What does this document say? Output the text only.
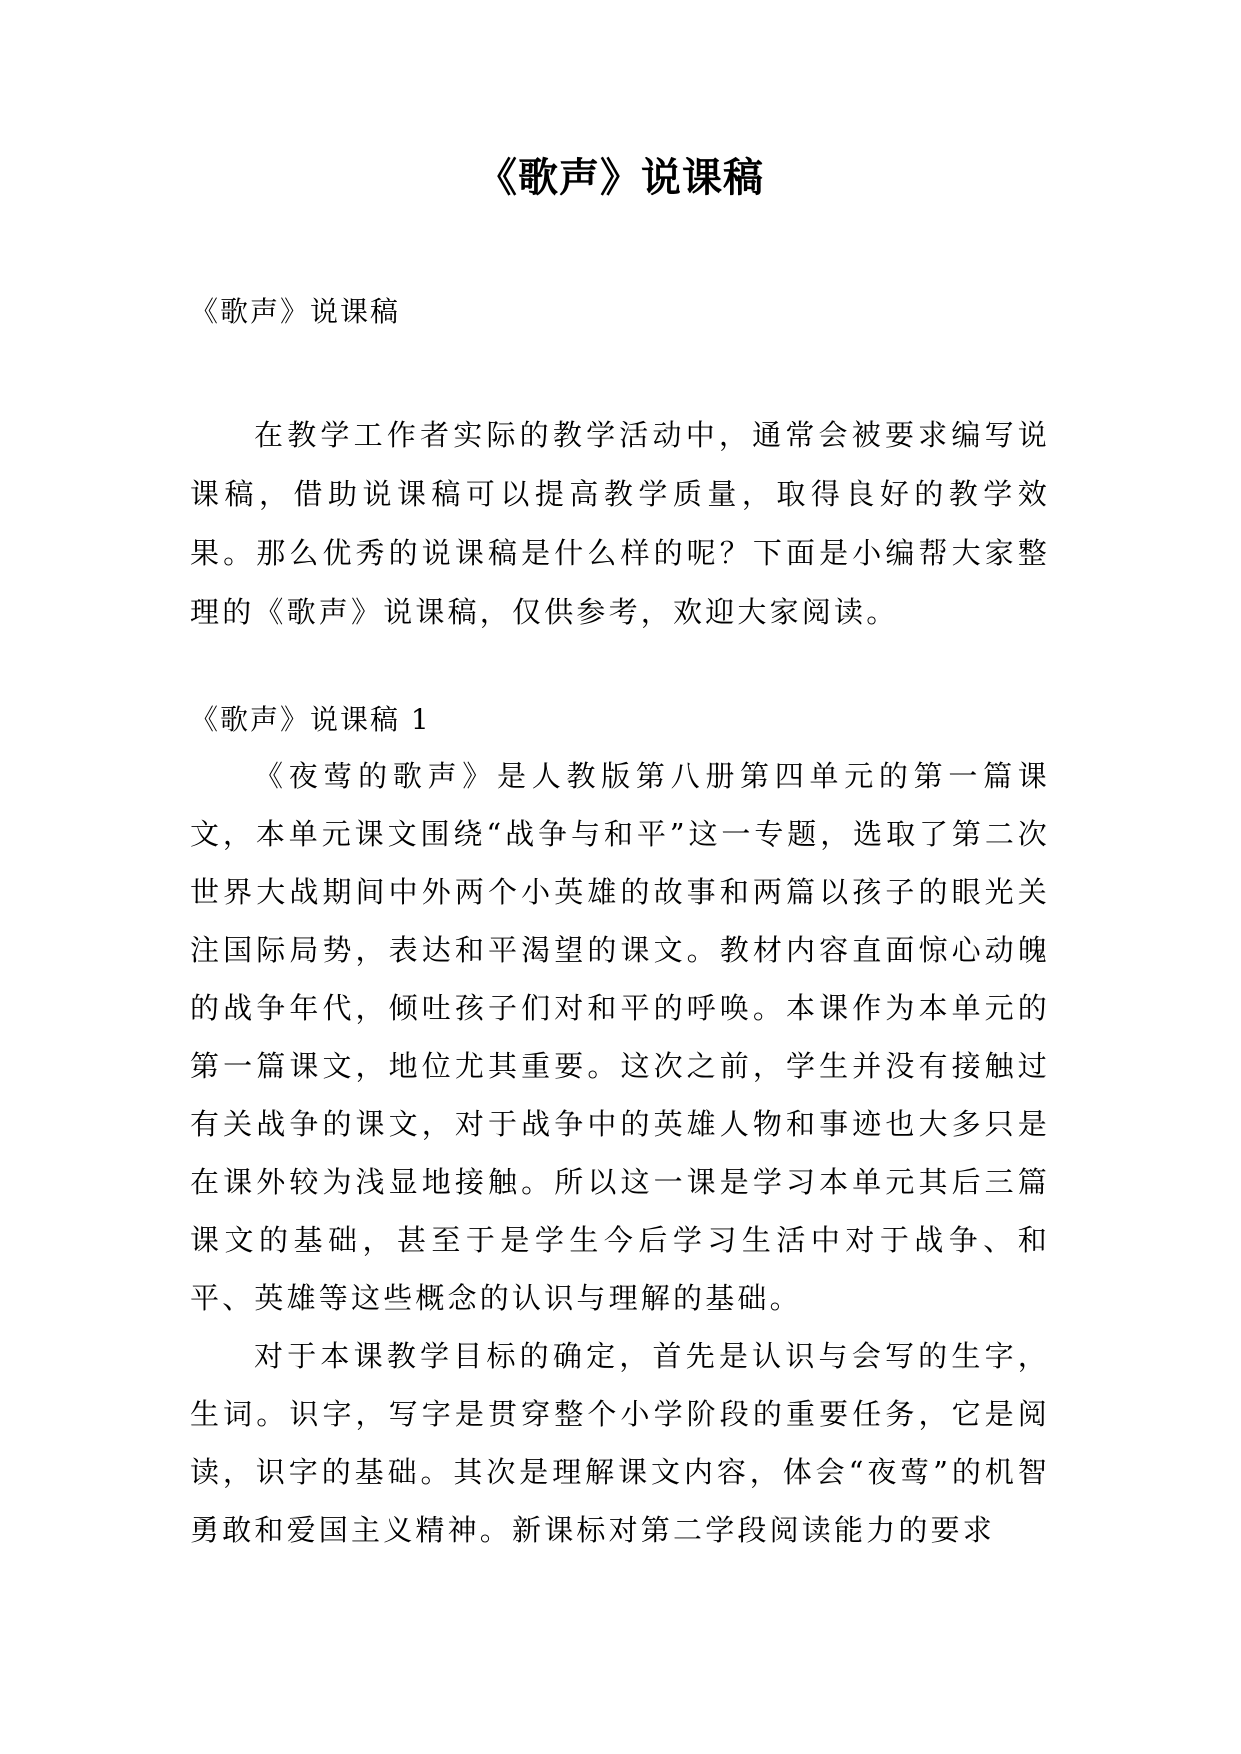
《歌声》说课稿
《歌声》说课稿

在教学工作者实际的教学活动中，通常会被要求编写说课稿，借助说课稿可以提高教学质量，取得良好的教学效果。那么优秀的说课稿是什么样的呢？下面是小编帮大家整理的《歌声》说课稿，仅供参考，欢迎大家阅读。

《歌声》说课稿 1

《夜莺的歌声》是人教版第八册第四单元的第一篇课文，本单元课文围绕“战争与和平”这一专题，选取了第二次世界大战期间中外两个小英雄的故事和两篇以孩子的眼光关注国际局势，表达和平渴望的课文。教材内容直面惊心动魄的战争年代，倾吐孩子们对和平的呼唤。本课作为本单元的第一篇课文，地位尤其重要。这次之前，学生并没有接触过有关战争的课文，对于战争中的英雄人物和事迹也大多只是在课外较为浅显地接触。所以这一课是学习本单元其后三篇课文的基础，甚至于是学生今后学习生活中对于战争、和平、英雄等这些概念的认识与理解的基础。

对于本课教学目标的确定，首先是认识与会写的生字，生词。识字，写字是贯穿整个小学阶段的重要任务，它是阅读，识字的基础。其次是理解课文内容，体会“夜莺”的机智勇敢和爱国主义精神。新课标对第二学段阅读能力的要求
